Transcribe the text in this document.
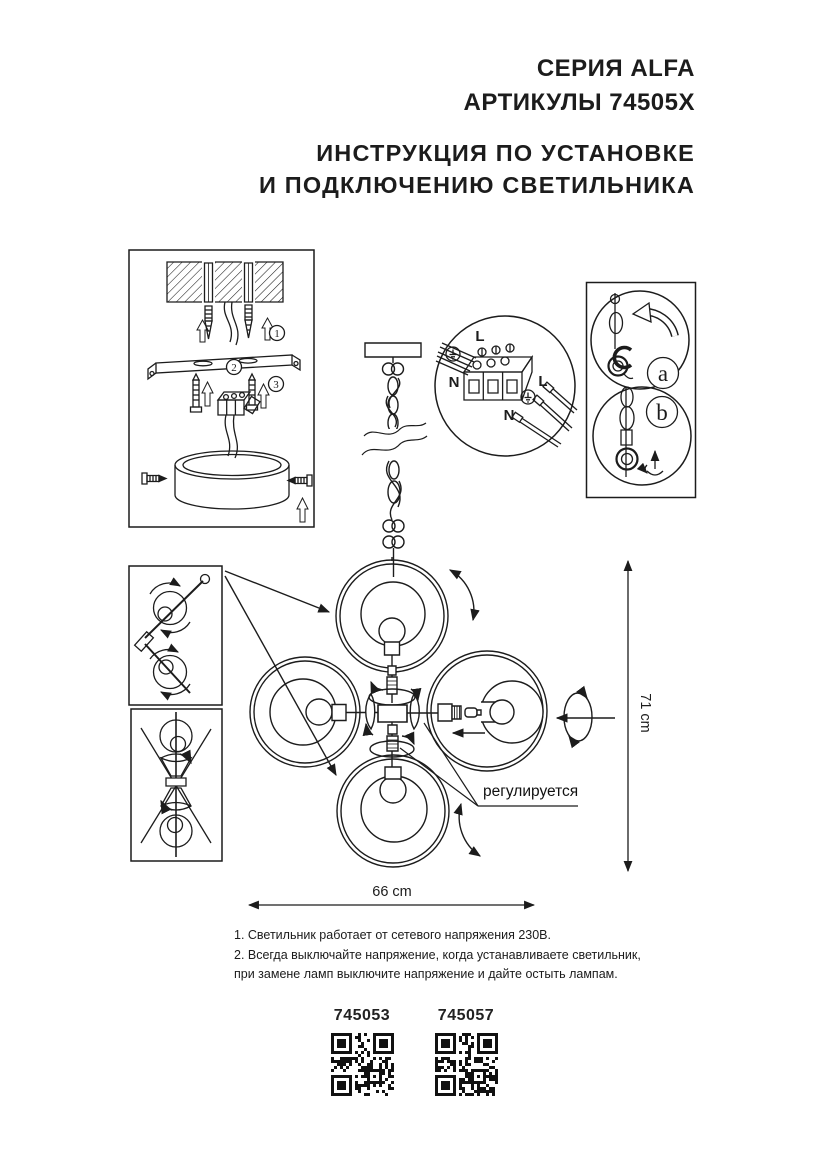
СЕРИЯ ALFA
АРТИКУЛЫ 74505X
ИНСТРУКЦИЯ ПО УСТАНОВКЕ
И ПОДКЛЮЧЕНИЮ СВЕТИЛЬНИКА
1
2
3
L
N	L
N
a
b
71 cm
66 cm
регулируется
1. Светильник работает от сетевого напряжения 230В.
2. Всегда выключайте напряжение, когда устанавливаете светильник,
при замене ламп выключите напряжение и дайте остыть лампам.
745053	745057
